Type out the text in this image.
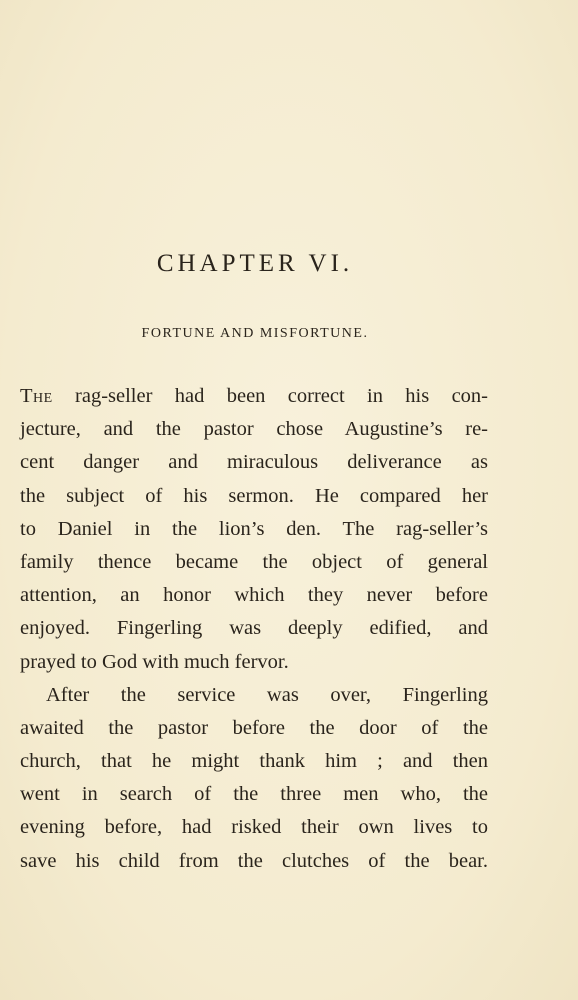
CHAPTER VI.
FORTUNE AND MISFORTUNE.
The rag-seller had been correct in his con-
jecture, and the pastor chose Augustine’s re-
cent danger and miraculous deliverance as
the subject of his sermon. He compared her
to Daniel in the lion’s den. The rag-seller’s
family thence became the object of general
attention, an honor which they never before
enjoyed. Fingerling was deeply edified, and
prayed to God with much fervor.
After the service was over, Fingerling
awaited the pastor before the door of the
church, that he might thank him ; and then
went in search of the three men who, the
evening before, had risked their own lives to
save his child from the clutches of the bear.
